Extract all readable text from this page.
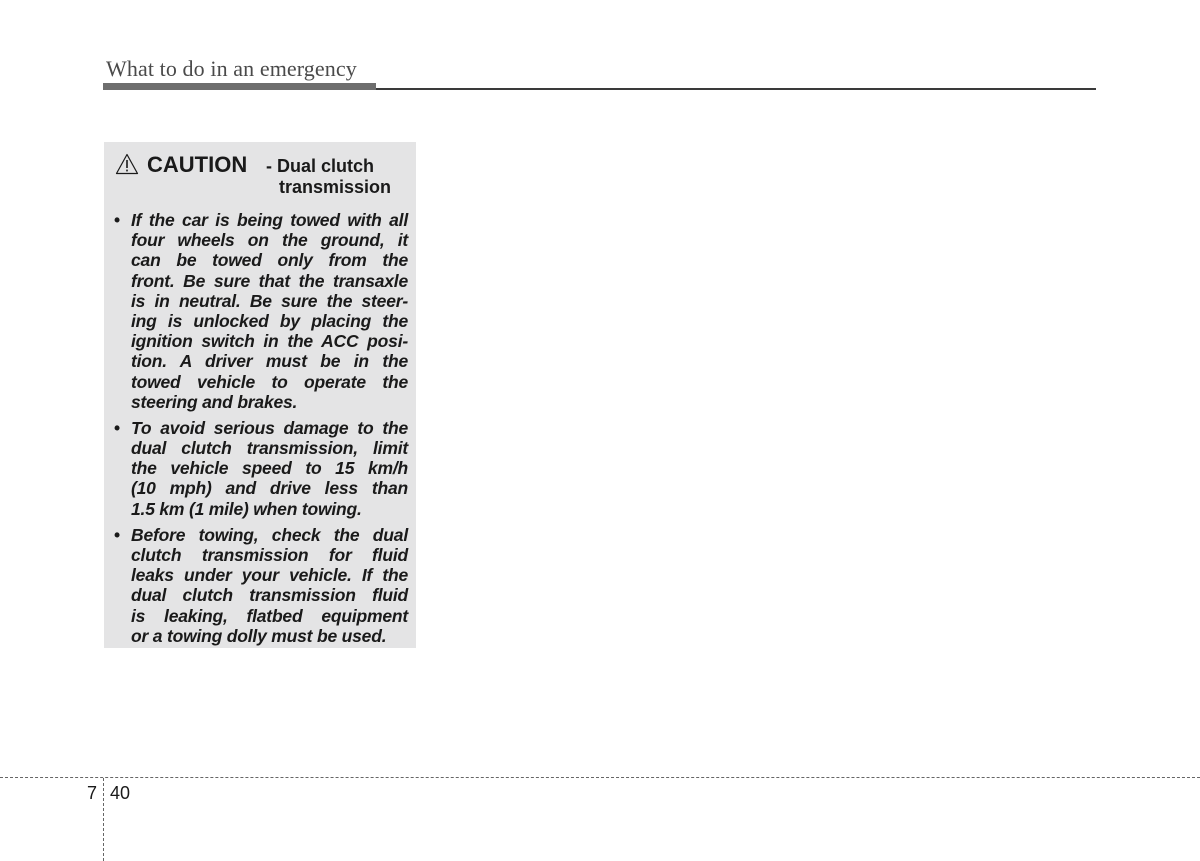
What to do in an emergency
CAUTION - Dual clutch
transmission
• If the car is being towed with all
four wheels on the ground, it
can be towed only from the
front. Be sure that the transaxle
is in neutral. Be sure the steer-
ing is unlocked by placing the
ignition switch in the ACC posi-
tion. A driver must be in the
towed vehicle to operate the
steering and brakes.
• To avoid serious damage to the
dual clutch transmission, limit
the vehicle speed to 15 km/h
(10 mph) and drive less than
1.5 km (1 mile) when towing.
• Before towing, check the dual
clutch transmission for fluid
leaks under your vehicle. If the
dual clutch transmission fluid
is leaking, flatbed equipment
or a towing dolly must be used.
7 40
